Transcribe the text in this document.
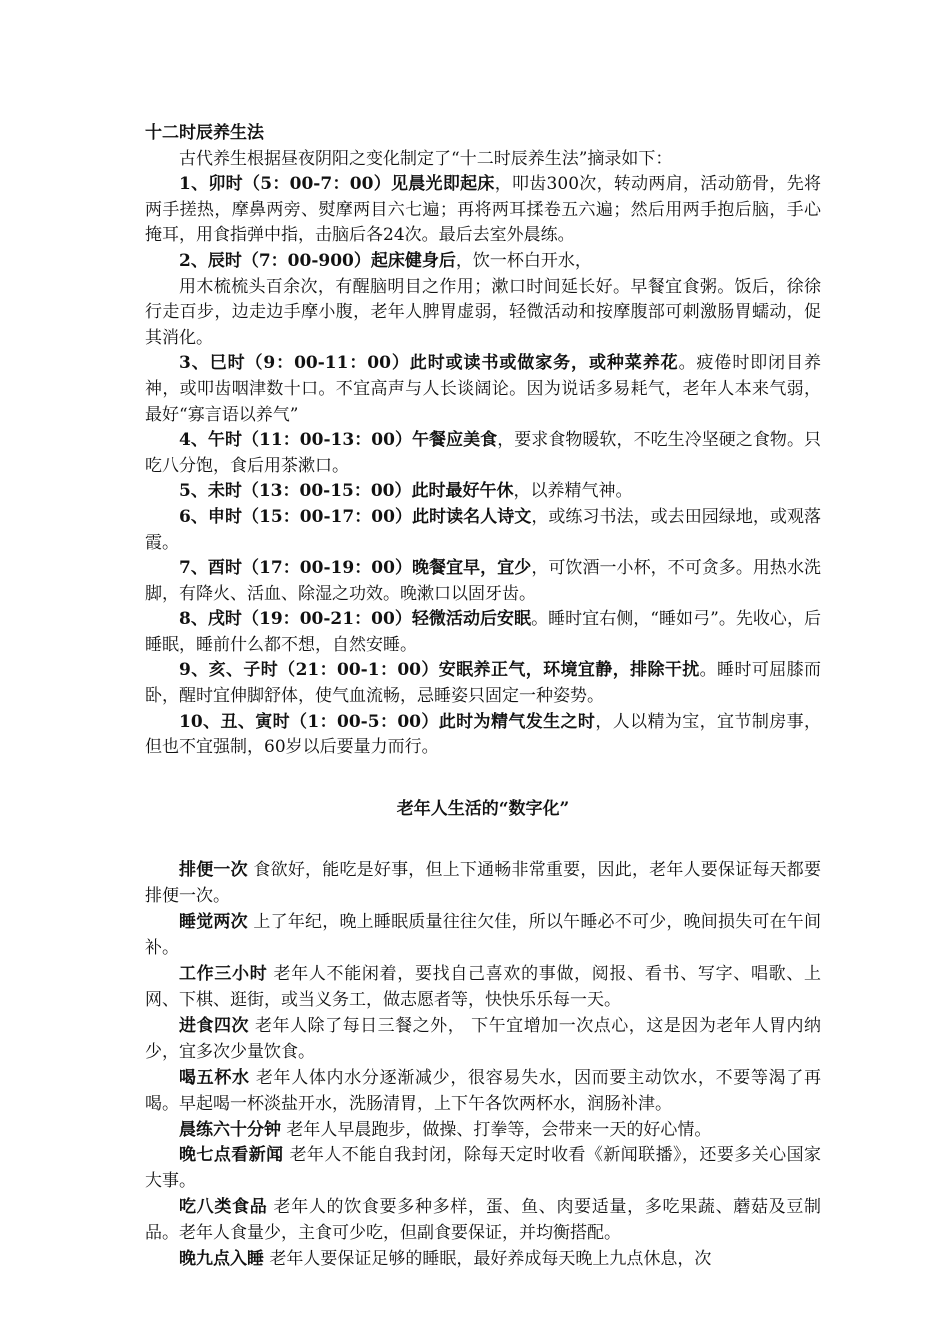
十二时辰养生法

古代养生根据昼夜阴阳之变化制定了“十二时辰养生法”摘录如下：

1、卯时（5：00-7：00）见晨光即起床，叩齿300次，转动两肩，活动筋骨，先将两手搓热，摩鼻两旁、熨摩两目六七遍；再将两耳揉卷五六遍；然后用两手抱后脑，手心掩耳，用食指弹中指，击脑后各24次。最后去室外晨练。

2、辰时（7：00-900）起床健身后，饮一杯白开水，

用木梳梳头百余次，有醒脑明目之作用；漱口时间延长好。早餐宜食粥。饭后，徐徐行走百步，边走边手摩小腹，老年人脾胃虚弱，轻微活动和按摩腹部可刺激肠胃蠕动，促其消化。

3、巳时（9：00-11：00）此时或读书或做家务，或种菜养花。疲倦时即闭目养神，或叩齿咽津数十口。不宜高声与人长谈阔论。因为说话多易耗气，老年人本来气弱，最好“寡言语以养气”

4、午时（11：00-13：00）午餐应美食，要求食物暖软，不吃生冷坚硬之食物。只吃八分饱，食后用茶漱口。

5、未时（13：00-15：00）此时最好午休，以养精气神。

6、申时（15：00-17：00）此时读名人诗文，或练习书法，或去田园绿地，或观落霞。

7、酉时（17：00-19：00）晚餐宜早，宜少，可饮酒一小杯，不可贪多。用热水洗脚，有降火、活血、除湿之功效。晚漱口以固牙齿。

8、戌时（19：00-21：00）轻微活动后安眠。睡时宜右侧，“睡如弓”。先收心，后睡眠，睡前什么都不想，自然安睡。

9、亥、子时（21：00-1：00）安眠养正气，环境宜静，排除干扰。睡时可屈膝而卧，醒时宜伸脚舒体，使气血流畅，忌睡姿只固定一种姿势。

10、丑、寅时（1：00-5：00）此时为精气发生之时，人以精为宝，宜节制房事，但也不宜强制，60岁以后要量力而行。

老年人生活的“数字化”

排便一次 食欲好，能吃是好事，但上下通畅非常重要，因此，老年人要保证每天都要排便一次。

睡觉两次 上了年纪，晚上睡眠质量往往欠佳，所以午睡必不可少，晚间损失可在午间补。

工作三小时 老年人不能闲着，要找自己喜欢的事做，阅报、看书、写字、唱歌、上网、下棋、逛街，或当义务工，做志愿者等，快快乐乐每一天。

进食四次 老年人除了每日三餐之外， 下午宜增加一次点心，这是因为老年人胃内纳少，宜多次少量饮食。

喝五杯水 老年人体内水分逐渐减少，很容易失水，因而要主动饮水，不要等渴了再喝。早起喝一杯淡盐开水，洗肠清胃，上下午各饮两杯水，润肠补津。

晨练六十分钟 老年人早晨跑步，做操、打拳等，会带来一天的好心情。

晚七点看新闻 老年人不能自我封闭，除每天定时收看《新闻联播》，还要多关心国家大事。

吃八类食品 老年人的饮食要多种多样，蛋、鱼、肉要适量，多吃果蔬、蘑菇及豆制品。老年人食量少，主食可少吃，但副食要保证，并均衡搭配。

晚九点入睡 老年人要保证足够的睡眠，最好养成每天晚上九点休息，次
